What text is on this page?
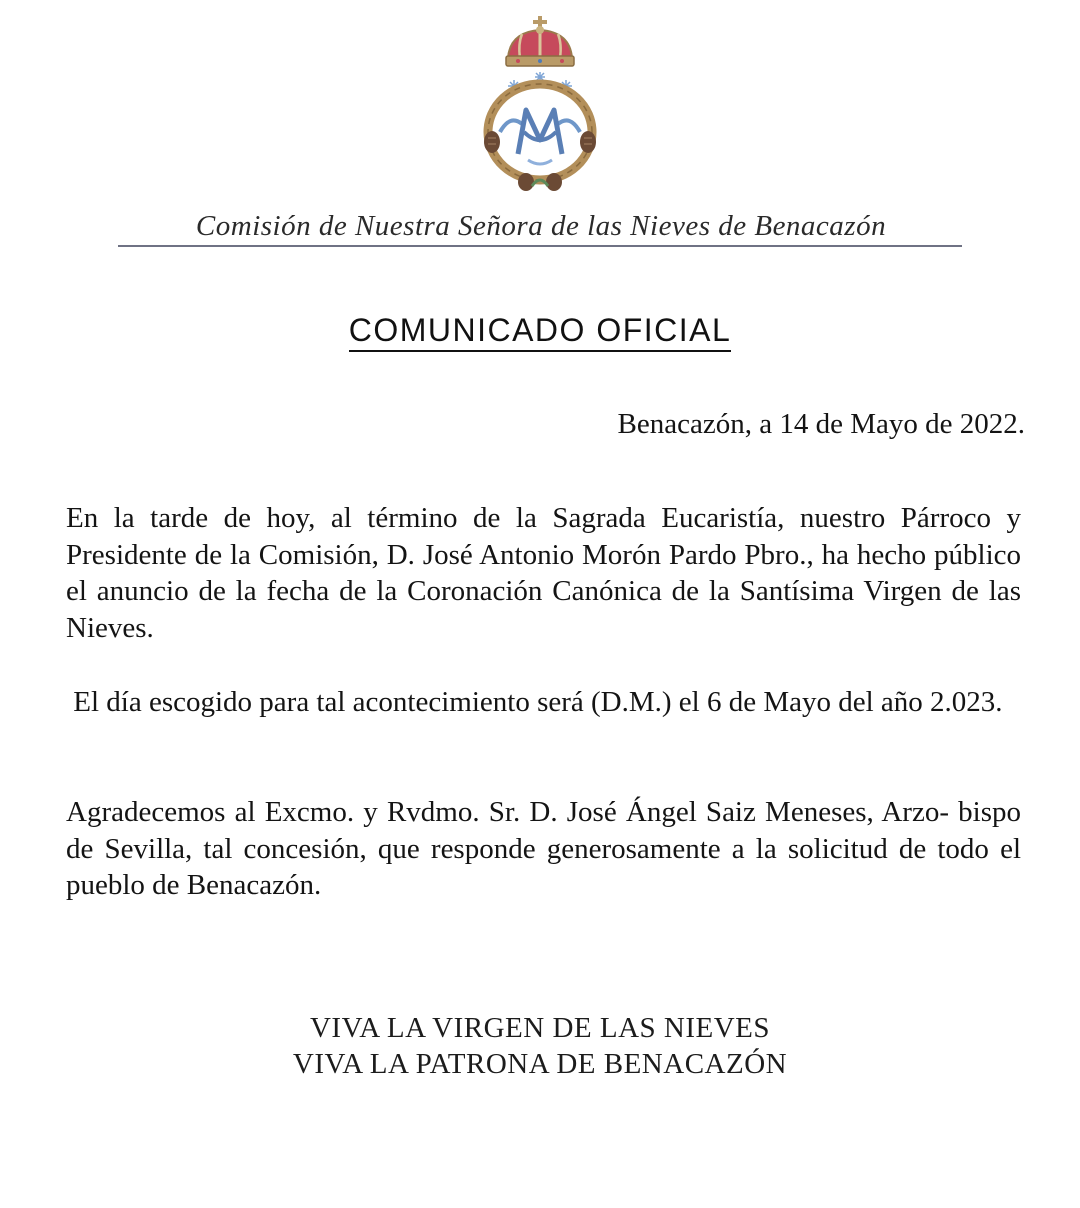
Comisión de Nuestra Señora de las Nieves de Benacazón
COMUNICADO OFICIAL
Benacazón, a 14 de Mayo de 2022.
En la tarde de hoy, al término de la Sagrada Eucaristía, nuestro Párroco y Presidente de la Comisión, D. José Antonio Morón Pardo Pbro., ha hecho público el anuncio de la fecha de la Coronación Canónica de la Santísima Virgen de las Nieves.
El día escogido para tal acontecimiento será (D.M.) el 6 de Mayo del año 2.023.
Agradecemos al Excmo. y Rvdmo. Sr. D. José Ángel Saiz Meneses, Arzo- bispo de Sevilla, tal concesión, que responde generosamente a la solicitud de todo el pueblo de Benacazón.
VIVA LA VIRGEN DE LAS NIEVES
VIVA LA PATRONA DE BENACAZÓN
